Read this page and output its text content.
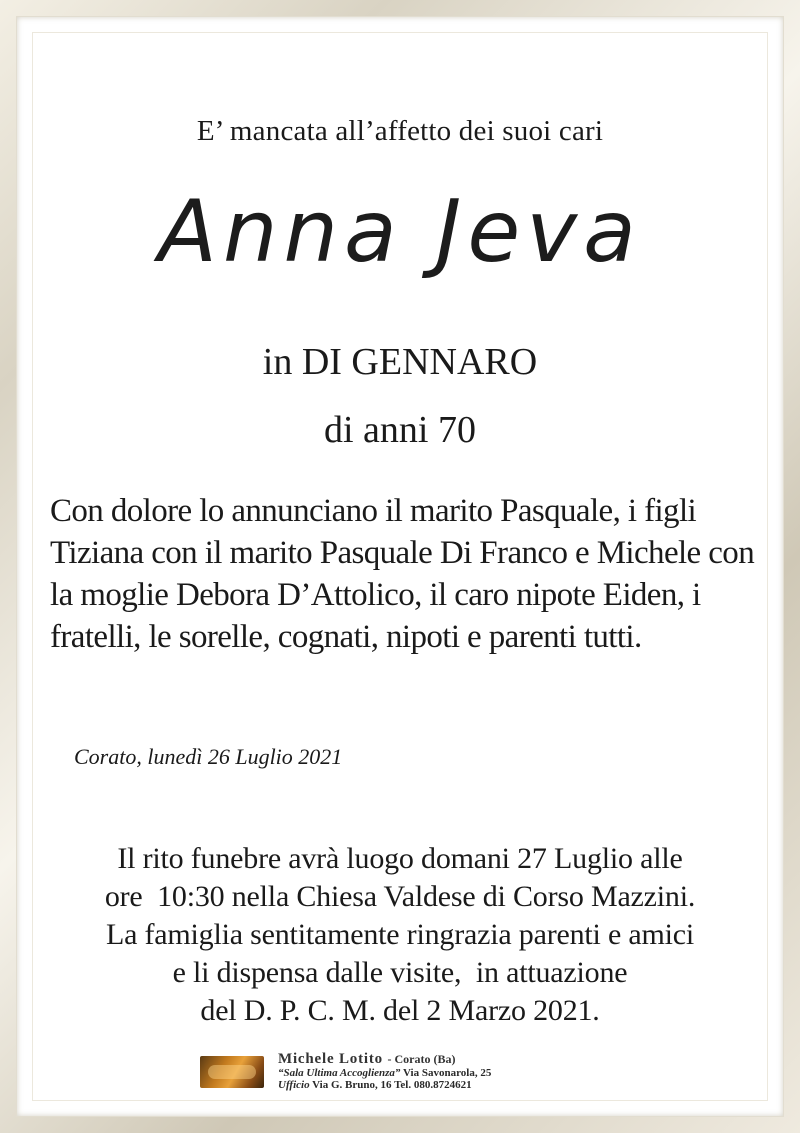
E’ mancata all’affetto dei suoi cari
Anna Jeva
in DI GENNARO
di anni 70
Con dolore lo annunciano il marito Pasquale, i figli Tiziana con il marito Pasquale Di Franco e Michele con la moglie Debora D’Attolico, il caro nipote Eiden, i fratelli, le sorelle, cognati, nipoti e parenti tutti.
Corato, lunedì 26 Luglio 2021
Il rito funebre avrà luogo domani 27 Luglio alle
ore  10:30 nella Chiesa Valdese di Corso Mazzini.
La famiglia sentitamente ringrazia parenti e amici
e li dispensa dalle visite,  in attuazione
del D. P. C. M. del 2 Marzo 2021.
Michele Lotito - Corato (Ba)
“Sala Ultima Accoglienza” Via Savonarola, 25
Ufficio Via G. Bruno, 16 Tel. 080.8724621
